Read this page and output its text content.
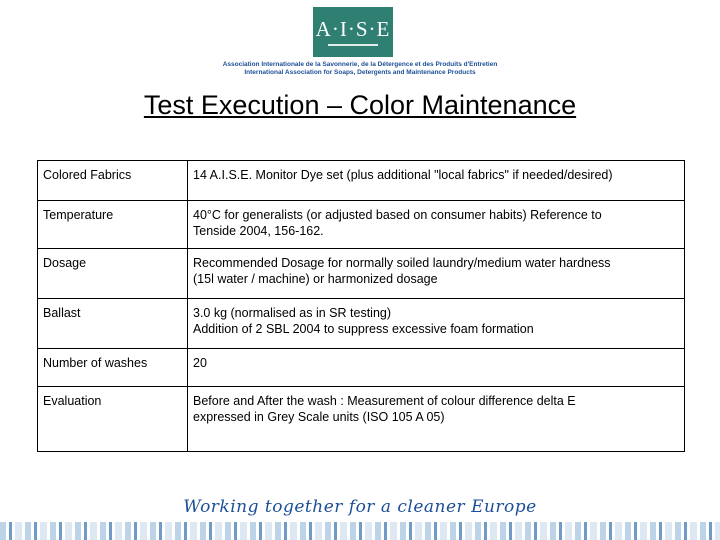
A·I·S·E
Association Internationale de la Savonnerie, de la Détergence et des Produits d'Entretien
International Association for Soaps, Detergents and Maintenance Products
Test Execution – Color Maintenance
Colored Fabrics	14 A.I.S.E. Monitor Dye set (plus additional "local fabrics" if needed/desired)

Temperature	40°C for generalists (or adjusted based on consumer habits) Reference to
Tenside 2004, 156-162.

Dosage	Recommended Dosage for normally soiled laundry/medium water hardness
(15l water / machine) or harmonized dosage

Ballast	3.0 kg (normalised as in SR testing)
Addition of 2 SBL 2004 to suppress excessive foam formation

Number of washes	20

Evaluation	Before and After the wash : Measurement of colour difference delta E
expressed in Grey Scale units (ISO 105 A 05)
Working together for a cleaner Europe
